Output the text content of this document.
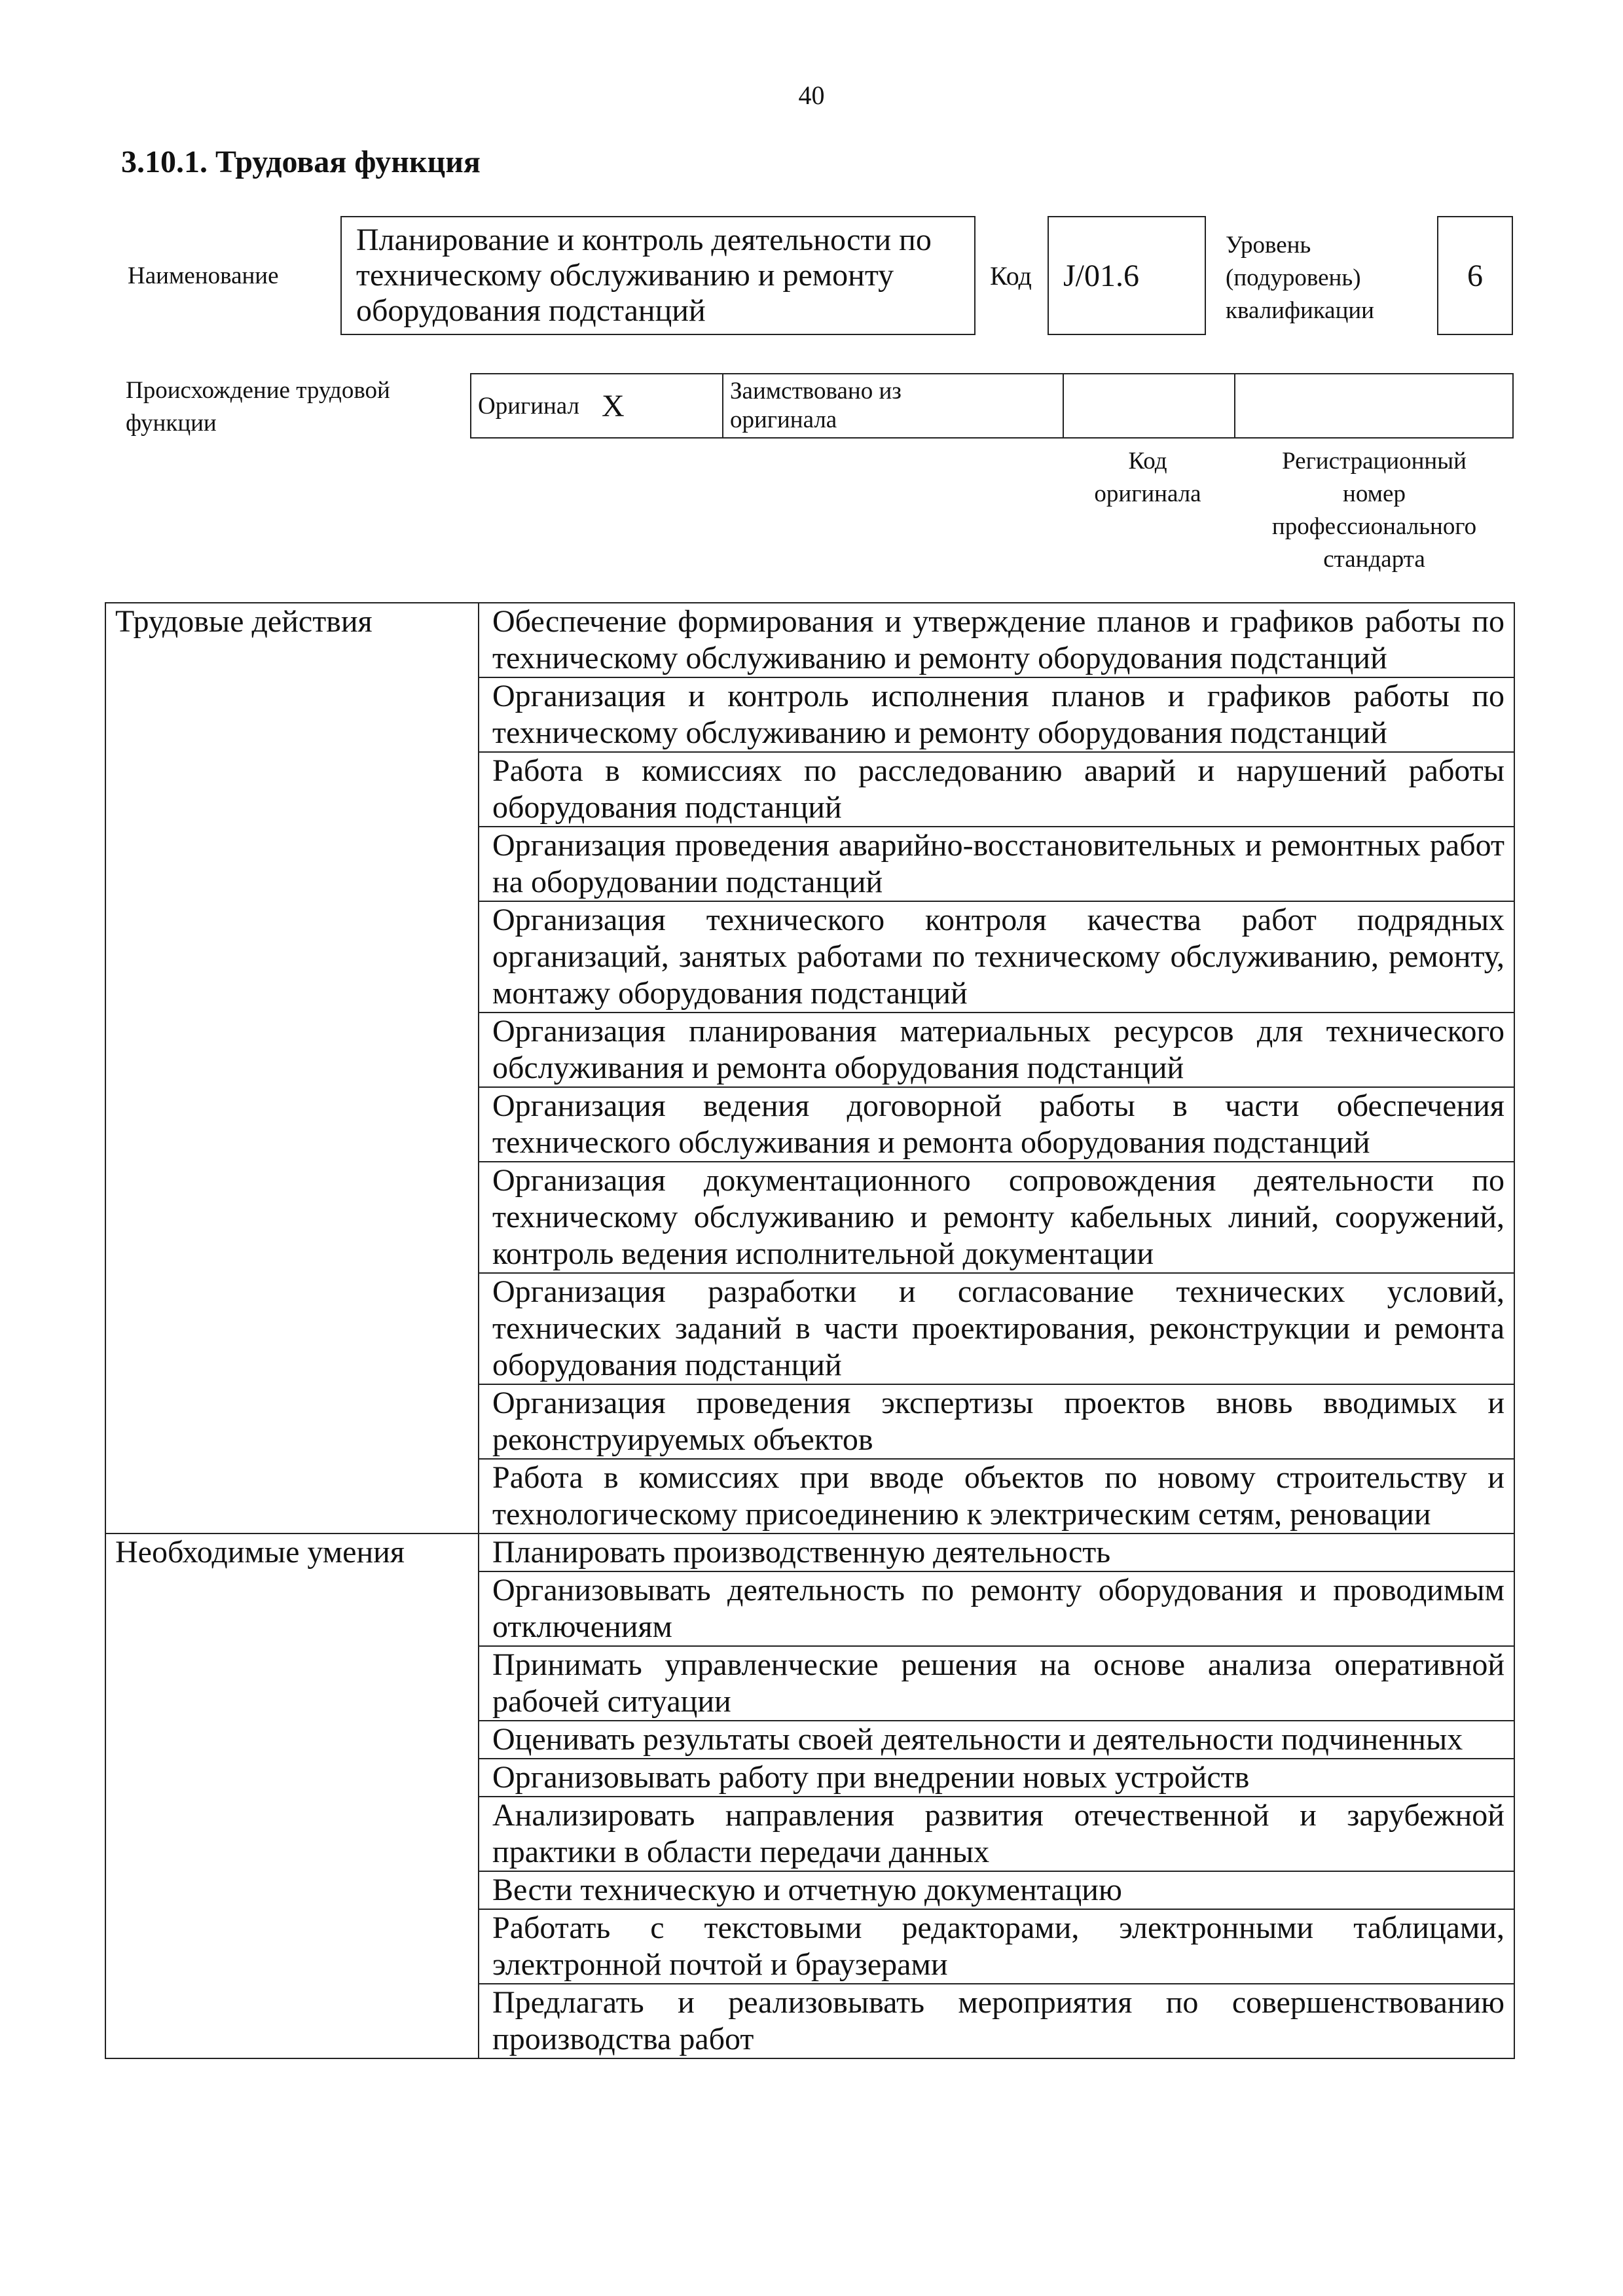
40
3.10.1. Трудовая функция
Наименование
Планирование и контроль деятельности по техническому обслуживанию и ремонту оборудования подстанций
Код J/01.6
Уровень
(подуровень)
квалификации
6
Происхождение трудовой
функции
Оригинал	X	Заимствовано из
оригинала

Код
оригинала
Регистрационный
номер
профессионального
стандарта
Трудовые действия	Обеспечение формирования и утверждение планов и графиков работы по техническому обслуживанию и ремонту оборудования подстанций
	Организация и контроль исполнения планов и графиков работы по техническому обслуживанию и ремонту оборудования подстанций
	Работа в комиссиях по расследованию аварий и нарушений работы оборудования подстанций
	Организация проведения аварийно-восстановительных и ремонтных работ на оборудовании подстанций
	Организация технического контроля качества работ подрядных организаций, занятых работами по техническому обслуживанию, ремонту, монтажу оборудования подстанций
	Организация планирования материальных ресурсов для технического обслуживания и ремонта оборудования подстанций
	Организация ведения договорной работы в части обеспечения технического обслуживания и ремонта оборудования подстанций
	Организация документационного сопровождения деятельности по техническому обслуживанию и ремонту кабельных линий, сооружений, контроль ведения исполнительной документации
	Организация разработки и согласование технических условий, технических заданий в части проектирования, реконструкции и ремонта оборудования подстанций
	Организация проведения экспертизы проектов вновь вводимых и реконструируемых объектов
	Работа в комиссиях при вводе объектов по новому строительству и технологическому присоединению к электрическим сетям, реновации
Необходимые умения	Планировать производственную деятельность
	Организовывать деятельность по ремонту оборудования и проводимым отключениям
	Принимать управленческие решения на основе анализа оперативной рабочей ситуации
	Оценивать результаты своей деятельности и деятельности подчиненных
	Организовывать работу при внедрении новых устройств
	Анализировать направления развития отечественной и зарубежной практики в области передачи данных
	Вести техническую и отчетную документацию
	Работать с текстовыми редакторами, электронными таблицами, электронной почтой и браузерами
	Предлагать и реализовывать мероприятия по совершенствованию производства работ
